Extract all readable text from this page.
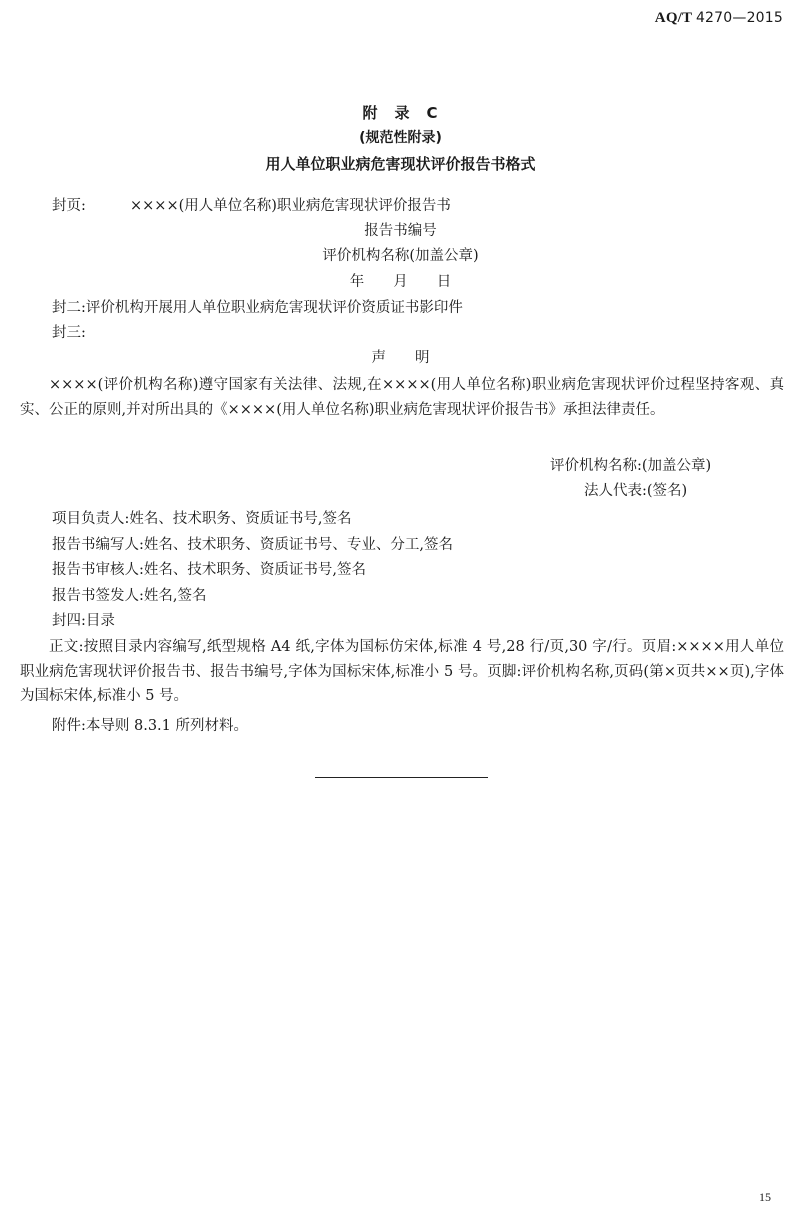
AQ/T 4270—2015
附　录　C
(规范性附录)
用人单位职业病危害现状评价报告书格式
封页:	××××(用人单位名称)职业病危害现状评价报告书
报告书编号
评价机构名称(加盖公章)
年　　月　　日
封二:评价机构开展用人单位职业病危害现状评价资质证书影印件
封三:
声　　明
××××(评价机构名称)遵守国家有关法律、法规,在××××(用人单位名称)职业病危害现状评价过程坚持客观、真实、公正的原则,并对所出具的《××××(用人单位名称)职业病危害现状评价报告书》承担法律责任。
评价机构名称:(加盖公章)
法人代表:(签名)
项目负责人:姓名、技术职务、资质证书号,签名
报告书编写人:姓名、技术职务、资质证书号、专业、分工,签名
报告书审核人:姓名、技术职务、资质证书号,签名
报告书签发人:姓名,签名
封四:目录
正文:按照目录内容编写,纸型规格 A4 纸,字体为国标仿宋体,标准 4 号,28 行/页,30 字/行。页眉:××××用人单位职业病危害现状评价报告书、报告书编号,字体为国标宋体,标准小 5 号。页脚:评价机构名称,页码(第×页共××页),字体为国标宋体,标准小 5 号。
附件:本导则 8.3.1 所列材料。
15
